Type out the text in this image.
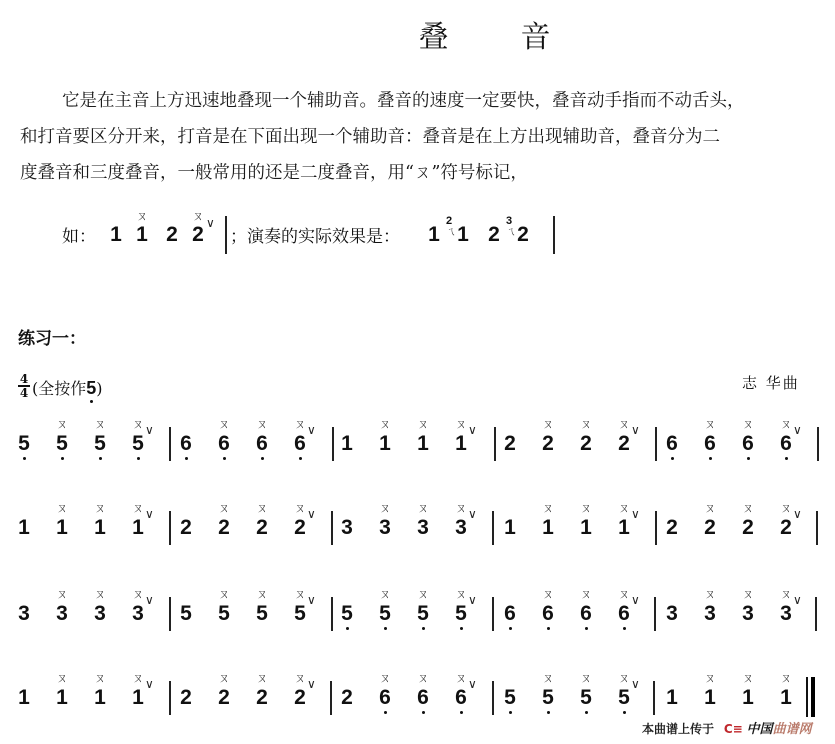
叠 音

它是在主音上方迅速地叠现一个辅助音。叠音的速度一定要快，叠音动手指而不动舌头，

和打音要区分开来，打音是在下面出现一个辅助音：叠音是在上方出现辅助音，叠音分为二

度叠音和三度叠音，一般常用的还是二度叠音，用“ㄡ”符号标记，

如： 1 1
ㄡ
2 2
ㄡ ∨
；演奏的实际效果是： 1
2
ㄟ 1 2
3
ㄟ 2
练习一：
4
4 (全按作5
)	志 华曲
5 5
ㄡ
5
ㄡ
5
ㄡ ∨
6 6
ㄡ
6
ㄡ
6
ㄡ ∨
1 1
ㄡ
1
ㄡ
1
ㄡ ∨
2 2
ㄡ
2
ㄡ
2
ㄡ ∨
6 6
ㄡ
6
ㄡ
6
ㄡ ∨
1 1
ㄡ
1
ㄡ
1
ㄡ ∨
2 2
ㄡ
2
ㄡ
2
ㄡ ∨
3 3
ㄡ
3
ㄡ
3
ㄡ ∨
1 1
ㄡ
1
ㄡ
1
ㄡ ∨
2 2
ㄡ
2
ㄡ
2
ㄡ ∨
3 3
ㄡ
3
ㄡ
3
ㄡ ∨
5 5
ㄡ
5
ㄡ
5
ㄡ ∨
5 5
ㄡ
5
ㄡ
5
ㄡ ∨
6 6
ㄡ
6
ㄡ
6
ㄡ ∨
3 3
ㄡ
3
ㄡ
3
ㄡ ∨
1 1
ㄡ
1
ㄡ
1
ㄡ ∨
2 2
ㄡ
2
ㄡ
2
ㄡ ∨
2 6
ㄡ
6
ㄡ
6
ㄡ ∨
5 5
ㄡ
5
ㄡ
5
ㄡ ∨
1 1
ㄡ
1
ㄡ
1
ㄡ
本曲谱上传于 C≡ 中国曲谱网
